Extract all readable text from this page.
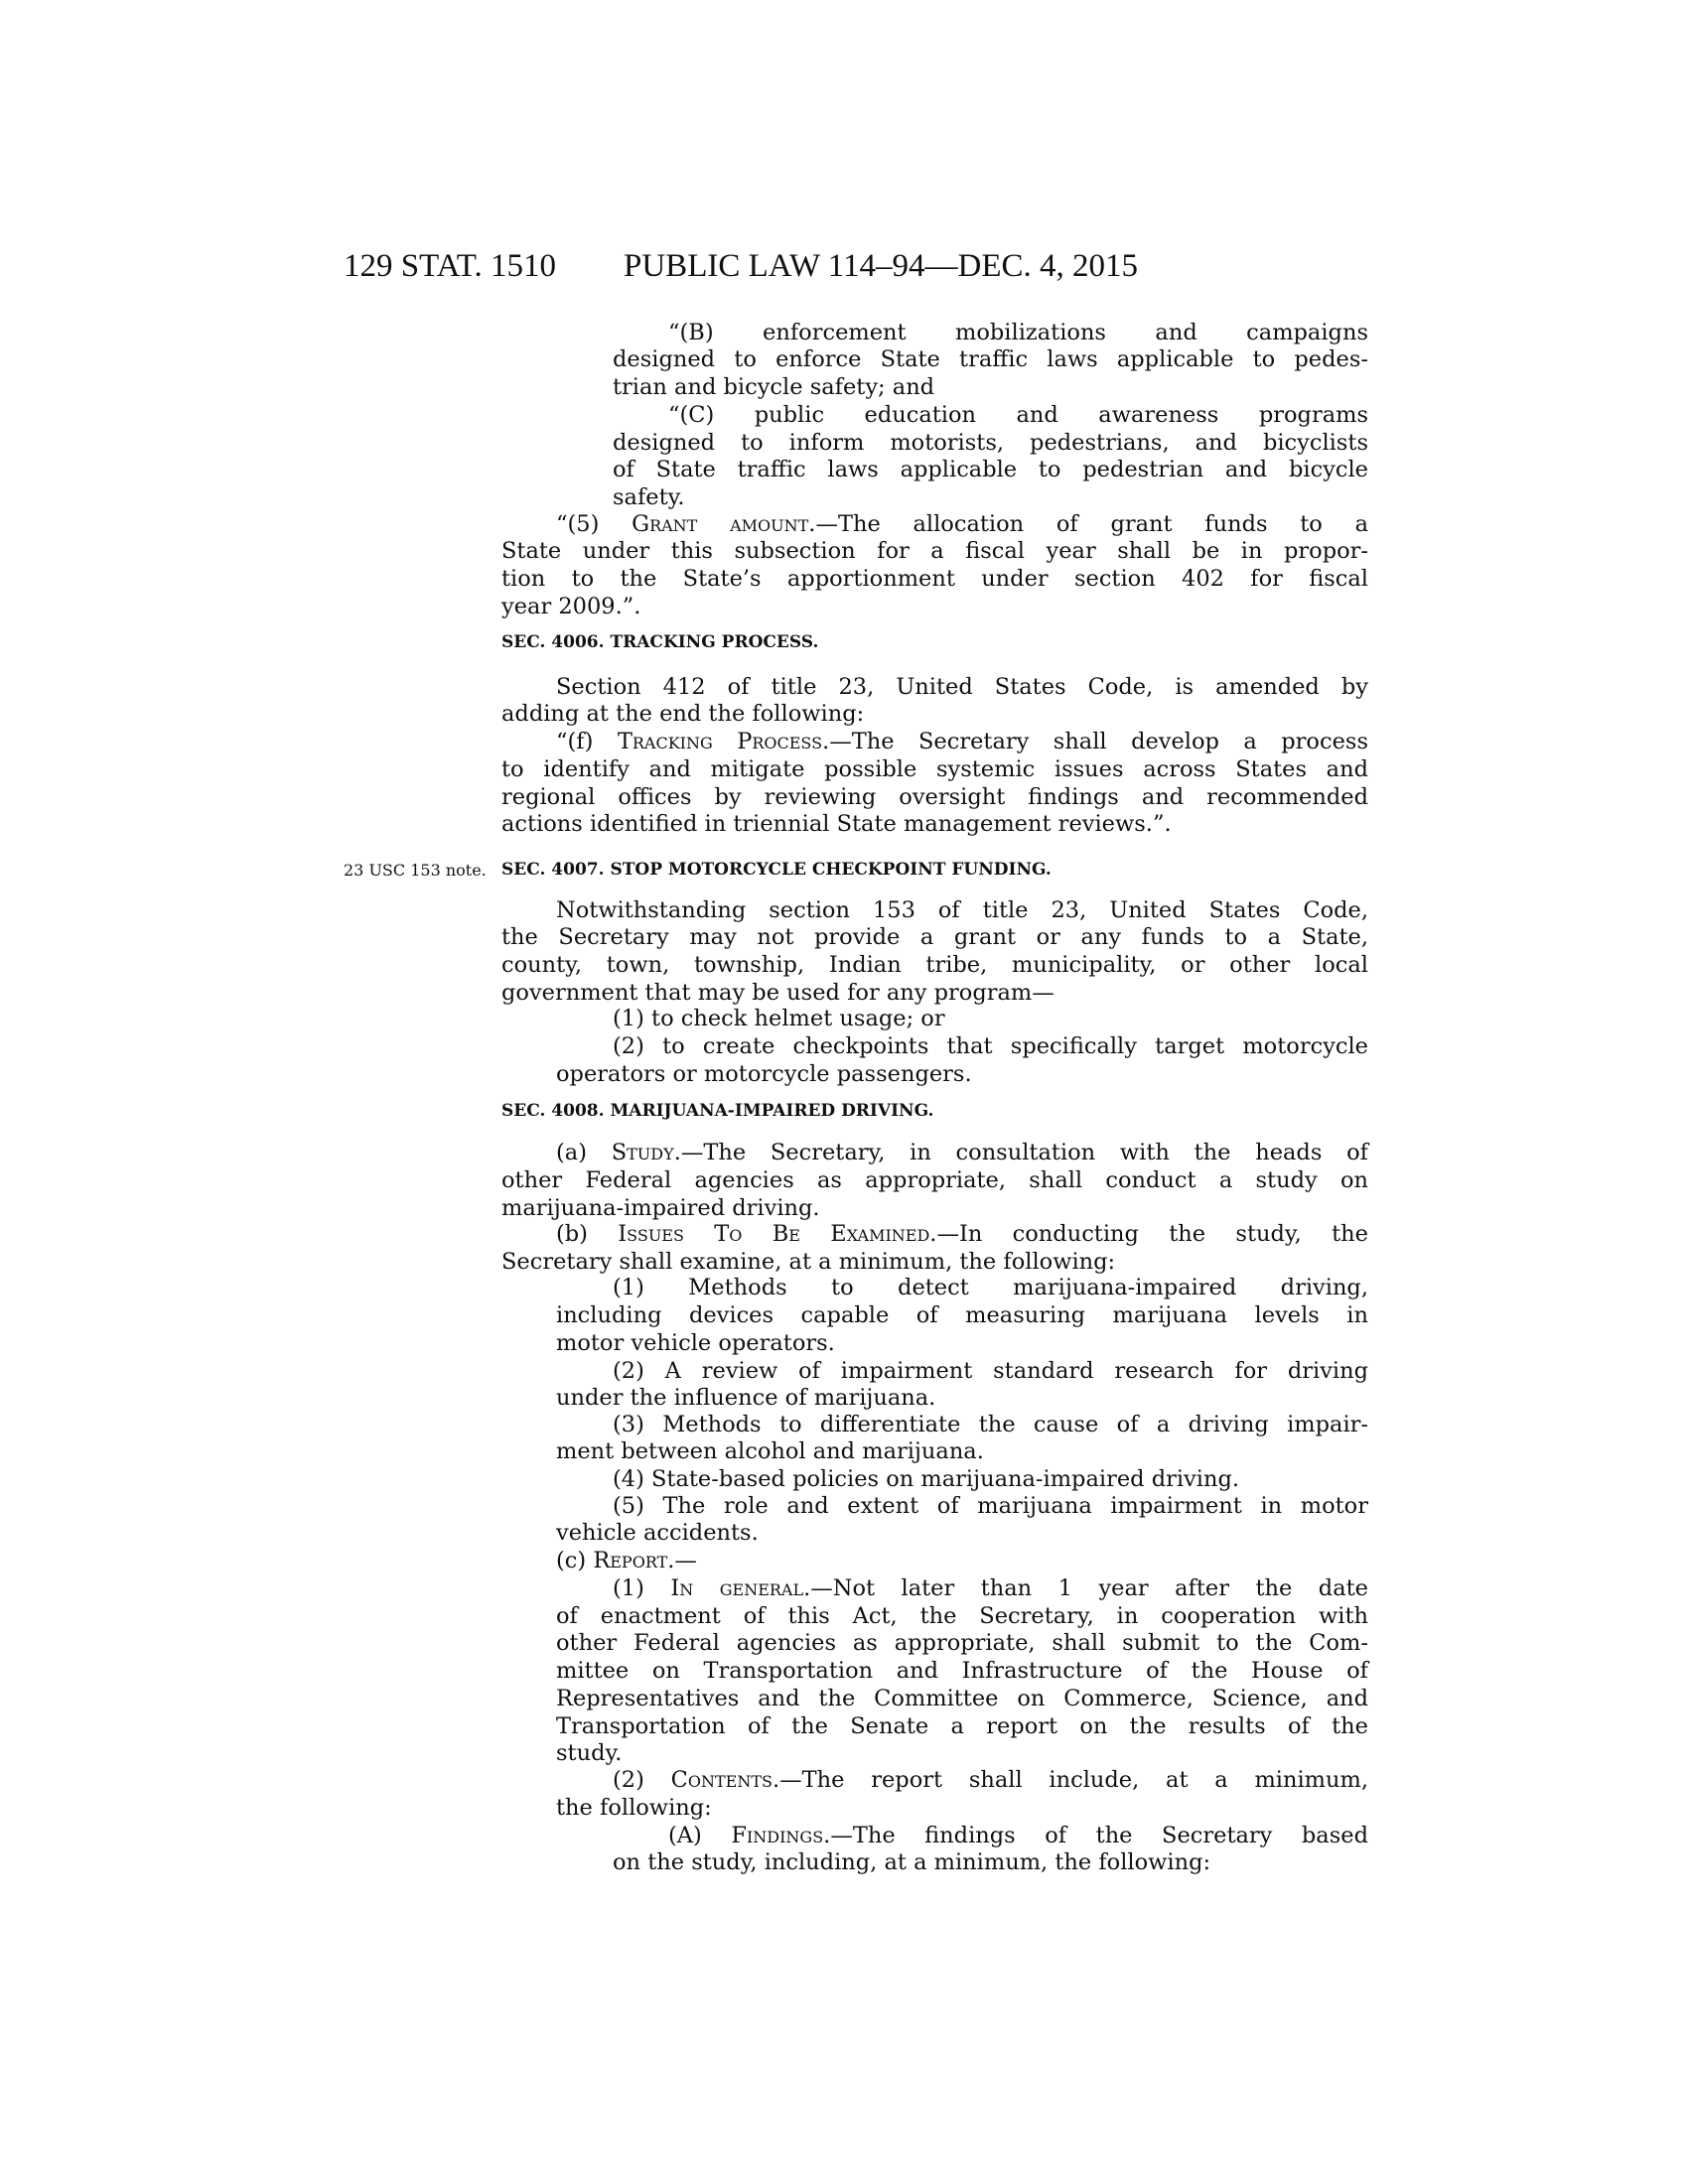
129 STAT. 1510 PUBLIC LAW 114–94—DEC. 4, 2015
23 USC 153 note.
“(B) enforcement mobilizations and campaigns
designed to enforce State traffic laws applicable to pedes-
trian and bicycle safety; and
“(C) public education and awareness programs
designed to inform motorists, pedestrians, and bicyclists
of State traffic laws applicable to pedestrian and bicycle
safety.
“(5) Grant amount.—The allocation of grant funds to a
State under this subsection for a fiscal year shall be in propor-
tion to the State’s apportionment under section 402 for fiscal
year 2009.”.
SEC. 4006. TRACKING PROCESS.
Section 412 of title 23, United States Code, is amended by
adding at the end the following:
“(f) Tracking Process.—The Secretary shall develop a process
to identify and mitigate possible systemic issues across States and
regional offices by reviewing oversight findings and recommended
actions identified in triennial State management reviews.”.
SEC. 4007. STOP MOTORCYCLE CHECKPOINT FUNDING.
Notwithstanding section 153 of title 23, United States Code,
the Secretary may not provide a grant or any funds to a State,
county, town, township, Indian tribe, municipality, or other local
government that may be used for any program—
(1) to check helmet usage; or
(2) to create checkpoints that specifically target motorcycle
operators or motorcycle passengers.
SEC. 4008. MARIJUANA-IMPAIRED DRIVING.
(a) Study.—The Secretary, in consultation with the heads of
other Federal agencies as appropriate, shall conduct a study on
marijuana-impaired driving.
(b) Issues To Be Examined.—In conducting the study, the
Secretary shall examine, at a minimum, the following:
(1) Methods to detect marijuana-impaired driving,
including devices capable of measuring marijuana levels in
motor vehicle operators.
(2) A review of impairment standard research for driving
under the influence of marijuana.
(3) Methods to differentiate the cause of a driving impair-
ment between alcohol and marijuana.
(4) State-based policies on marijuana-impaired driving.
(5) The role and extent of marijuana impairment in motor
vehicle accidents.
(c) Report.—
(1) In general.—Not later than 1 year after the date
of enactment of this Act, the Secretary, in cooperation with
other Federal agencies as appropriate, shall submit to the Com-
mittee on Transportation and Infrastructure of the House of
Representatives and the Committee on Commerce, Science, and
Transportation of the Senate a report on the results of the
study.
(2) Contents.—The report shall include, at a minimum,
the following:
(A) Findings.—The findings of the Secretary based
on the study, including, at a minimum, the following:
